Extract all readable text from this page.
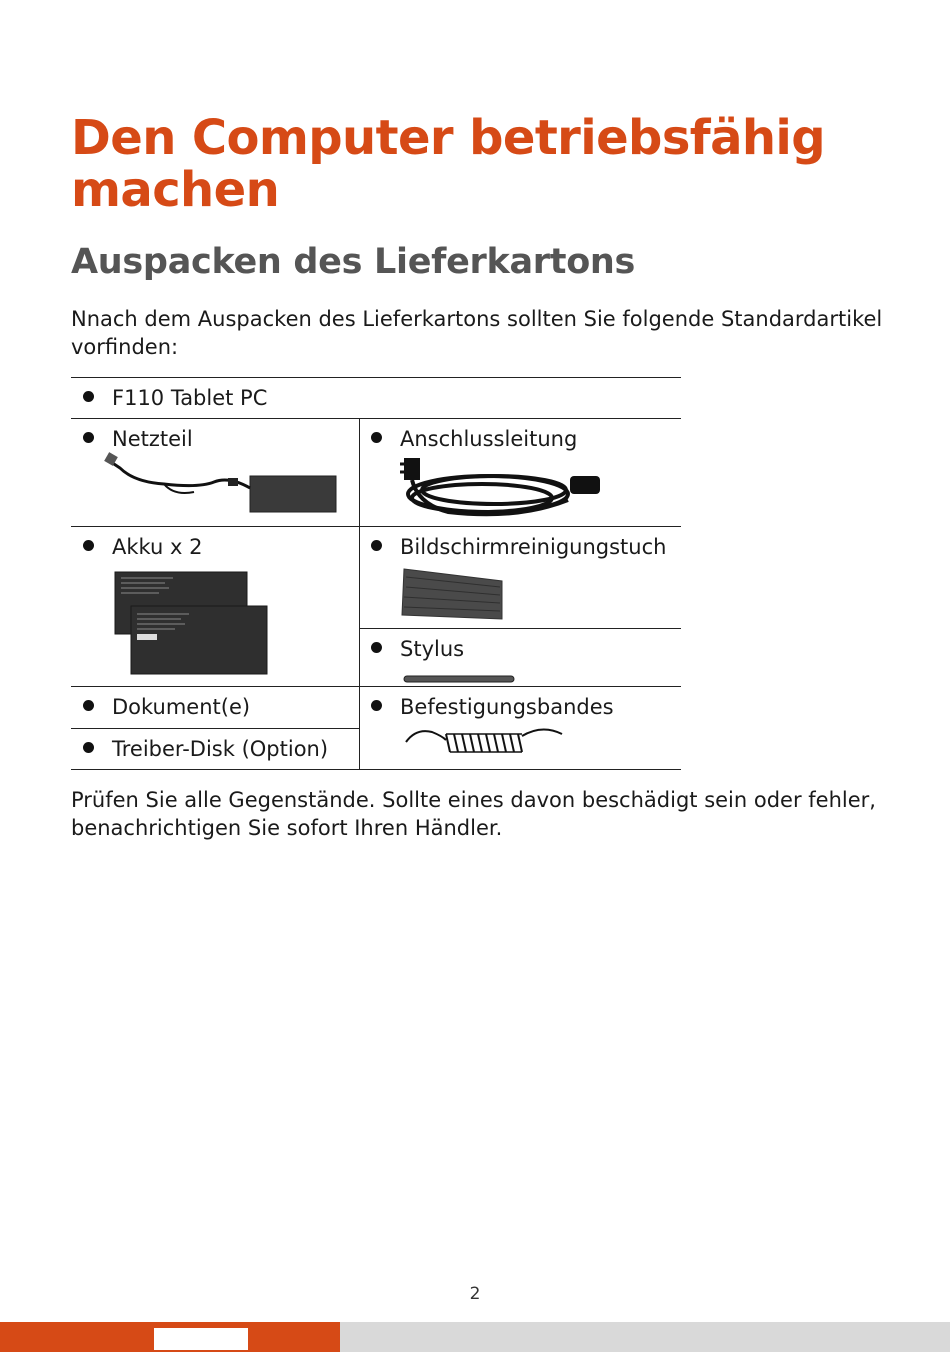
Den Computer betriebsfähig machen
Auspacken des Lieferkartons

Nnach dem Auspacken des Lieferkartons sollten Sie folgende Standardartikel vorfinden:

F110 Tablet PC
Netzteil	Anschlussleitung
Akku x 2	Bildschirmreinigungstuch
Stylus
Dokument(e)
Treiber-Disk (Option)
Befestigungsbandes

Prüfen Sie alle Gegenstände. Sollte eines davon beschädigt sein oder fehler, benachrichtigen Sie sofort Ihren Händler.

2
